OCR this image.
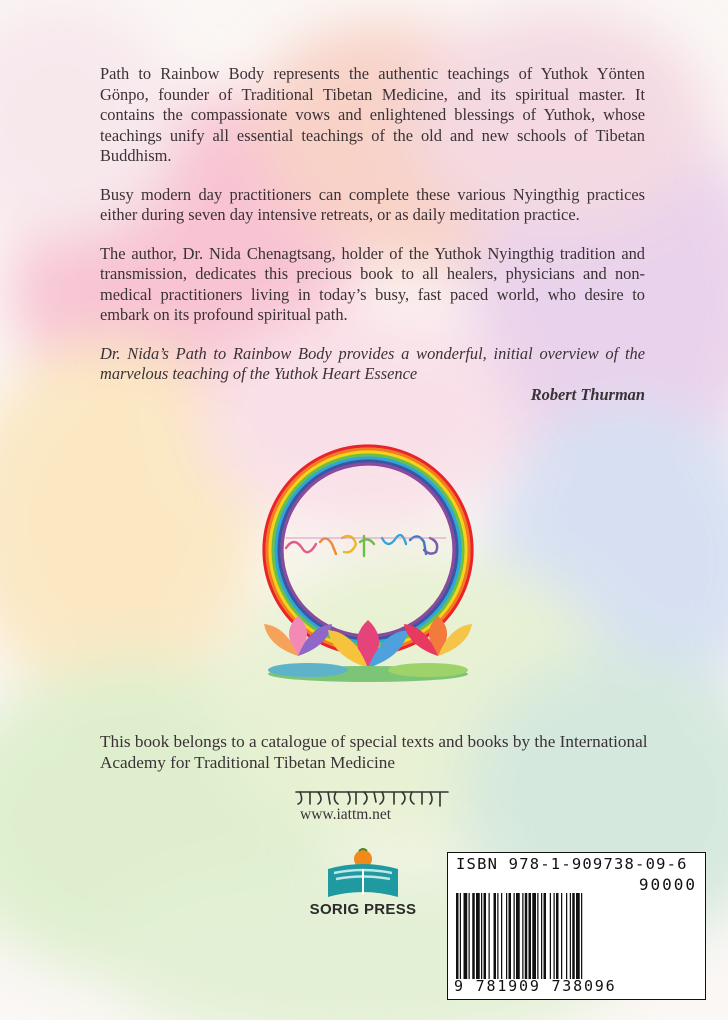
Path to Rainbow Body represents the authentic teachings of Yuthok Yönten Gönpo, founder of Traditional Tibetan Medicine, and its spiritual master. It contains the compassionate vows and enlightened blessings of Yuthok, whose teachings unify all essential teachings of the old and new schools of Tibetan Buddhism.

Busy modern day practitioners can complete these various Nyingthig practices either during seven day intensive retreats, or as daily meditation practice.

The author, Dr. Nida Chenagtsang, holder of the Yuthok Nyingthig tradition and transmission, dedicates this precious book to all healers, physicians and non-medical practitioners living in today’s busy, fast paced world, who desire to embark on its profound spiritual path.

Dr. Nida’s Path to Rainbow Body provides a wonderful, initial overview of the marvelous teaching of the Yuthok Heart Essence

Robert Thurman
This book belongs to a catalogue of special texts and books by the International Academy for Traditional Tibetan Medicine
www.iattm.net
SORIG PRESS
ISBN 978-1-909738-09-6
90000
9 781909 738096
